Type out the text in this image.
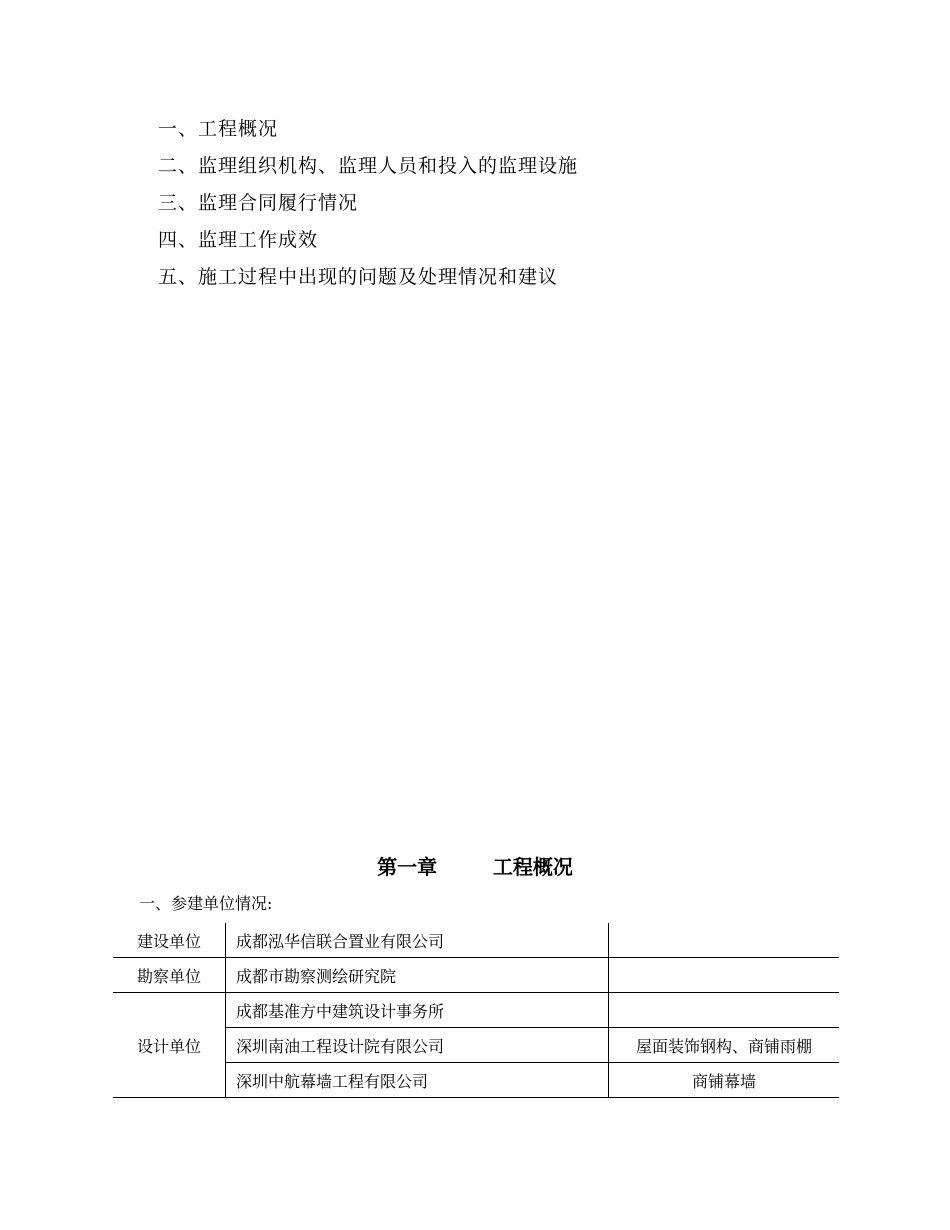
一、工程概况
二、监理组织机构、监理人员和投入的监理设施
三、监理合同履行情况
四、监理工作成效
五、施工过程中出现的问题及处理情况和建议
第一章        工程概况
一、参建单位情况:
建设单位	成都泓华信联合置业有限公司	
勘察单位	成都市勘察测绘研究院	
设计单位	成都基准方中建筑设计事务所	
	深圳南油工程设计院有限公司	屋面装饰钢构、商铺雨棚
	深圳中航幕墙工程有限公司	商铺幕墙
